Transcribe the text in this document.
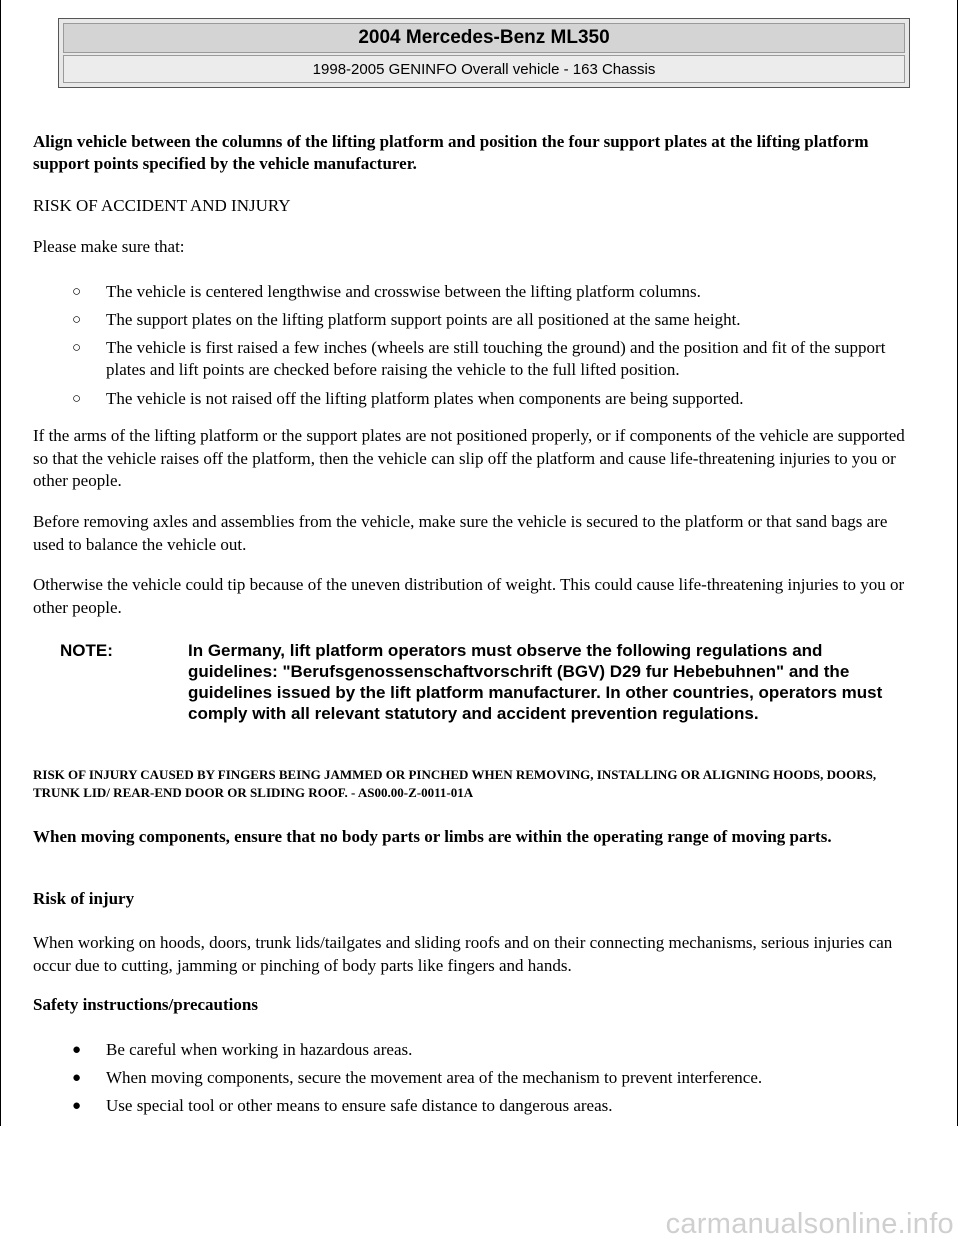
2004 Mercedes-Benz ML350
1998-2005 GENINFO Overall vehicle - 163 Chassis

Align vehicle between the columns of the lifting platform and position the four support plates at the lifting platform support points specified by the vehicle manufacturer.

RISK OF ACCIDENT AND INJURY

Please make sure that:

○	The vehicle is centered lengthwise and crosswise between the lifting platform columns.
○	The support plates on the lifting platform support points are all positioned at the same height.
○	The vehicle is first raised a few inches (wheels are still touching the ground) and the position and fit of the support plates and lift points are checked before raising the vehicle to the full lifted position.
○	The vehicle is not raised off the lifting platform plates when components are being supported.

If the arms of the lifting platform or the support plates are not positioned properly, or if components of the vehicle are supported so that the vehicle raises off the platform, then the vehicle can slip off the platform and cause life-threatening injuries to you or other people.

Before removing axles and assemblies from the vehicle, make sure the vehicle is secured to the platform or that sand bags are used to balance the vehicle out.

Otherwise the vehicle could tip because of the uneven distribution of weight. This could cause life-threatening injuries to you or other people.

NOTE:	In Germany, lift platform operators must observe the following regulations and guidelines: "Berufsgenossenschaftvorschrift (BGV) D29 fur Hebebuhnen" and the guidelines issued by the lift platform manufacturer. In other countries, operators must comply with all relevant statutory and accident prevention regulations.

RISK OF INJURY CAUSED BY FINGERS BEING JAMMED OR PINCHED WHEN REMOVING, INSTALLING OR ALIGNING HOODS, DOORS, TRUNK LID/ REAR-END DOOR OR SLIDING ROOF. - AS00.00-Z-0011-01A

When moving components, ensure that no body parts or limbs are within the operating range of moving parts.

Risk of injury

When working on hoods, doors, trunk lids/tailgates and sliding roofs and on their connecting mechanisms, serious injuries can occur due to cutting, jamming or pinching of body parts like fingers and hands.

Safety instructions/precautions

●	Be careful when working in hazardous areas.
●	When moving components, secure the movement area of the mechanism to prevent interference.
●	Use special tool or other means to ensure safe distance to dangerous areas.
carmanualsonline.info
